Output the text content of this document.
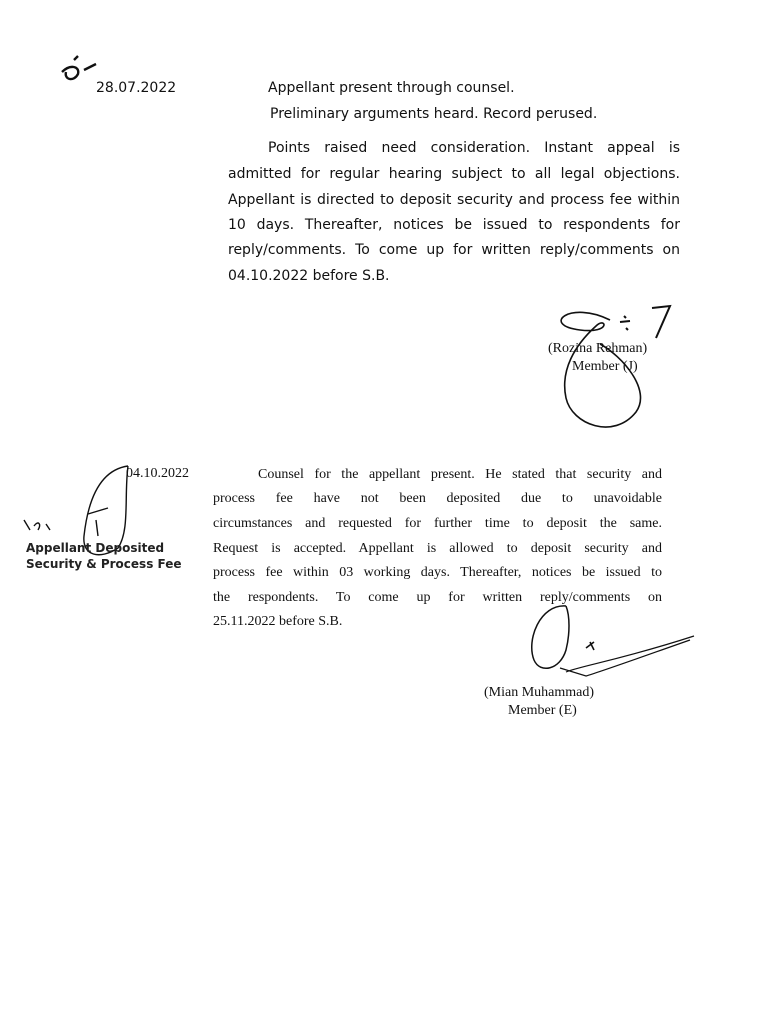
28.07.2022	Appellant present through counsel.
Preliminary arguments heard. Record perused.
Points raised need consideration. Instant appeal is
admitted for regular hearing subject to all legal objections.
Appellant is directed to deposit security and process fee within
10 days. Thereafter, notices be issued to respondents for
reply/comments. To come up for written reply/comments on
04.10.2022 before S.B.
(Rozina Rehman)
Member (J)
04.10.2022	Counsel for the appellant present. He stated that security and
process fee have not been deposited due to unavoidable
circumstances and requested for further time to deposit the same.
Request is accepted. Appellant is allowed to deposit security and
process fee within 03 working days. Thereafter, notices be issued to
the respondents. To come up for written reply/comments on
25.11.2022 before S.B.
Appellant Deposited
Security & Process Fee
(Mian Muhammad)
Member (E)
